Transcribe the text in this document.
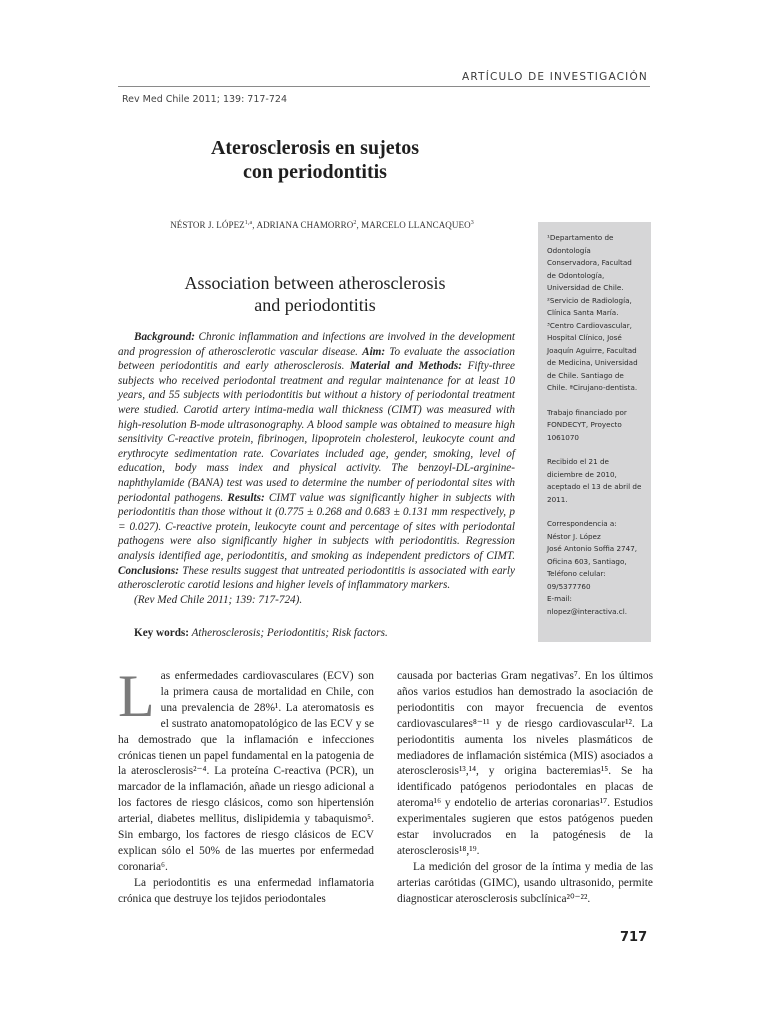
ARTÍCULO DE INVESTIGACIÓN
Rev Med Chile 2011; 139: 717-724
Aterosclerosis en sujetos
con periodontitis
NÉSTOR J. LÓPEZ$^{1,a}$, ADRIANA CHAMORRO$^2$, MARCELO LLANCAQUEO$^3$
Association between atherosclerosis
and periodontitis

Background: Chronic inflammation and infections are involved in the development and progression of atherosclerotic vascular disease. Aim: To evaluate the association between periodontitis and early atherosclerosis. Material and Methods: Fifty-three subjects who received periodontal treatment and regular maintenance for at least 10 years, and 55 subjects with periodontitis but without a history of periodontal treatment were studied. Carotid artery intima-media wall thickness (CIMT) was measured with high-resolution B-mode ultrasonography. A blood sample was obtained to measure high sensitivity C-reactive protein, fibrinogen, lipoprotein cholesterol, leukocyte count and erythrocyte sedimentation rate. Covariates included age, gender, smoking, level of education, body mass index and physical activity. The benzoyl-DL-arginine-naphthylamide (BANA) test was used to determine the number of periodontal sites with periodontal pathogens. Results: CIMT value was significantly higher in subjects with periodontitis than those without it (0.775 ± 0.268 and 0.683 ± 0.131 mm respectively, p = 0.027). C-reactive protein, leukocyte count and percentage of sites with periodontal pathogens were also significantly higher in subjects with periodontitis. Regression analysis identified age, periodontitis, and smoking as independent predictors of CIMT. Conclusions: These results suggest that untreated periodontitis is associated with early atherosclerotic carotid lesions and higher levels of inflammatory markers.

(Rev Med Chile 2011; 139: 717-724).

Key words: Atherosclerosis; Periodontitis; Risk factors.

¹Departamento de Odontología Conservadora, Facultad de Odontología, Universidad de Chile. ²Servicio de Radiología, Clínica Santa María. ³Centro Cardiovascular, Hospital Clínico, José Joaquín Aguirre, Facultad de Medicina, Universidad de Chile. Santiago de Chile. ªCirujano-dentista.

Trabajo financiado por FONDECYT, Proyecto 1061070

Recibido el 21 de diciembre de 2010, aceptado el 13 de abril de 2011.

Correspondencia a:

Néstor J. López

José Antonio Soffia 2747, Oficina 603, Santiago,

Teléfono celular:

09/5377760

E-mail: nlopez@interactiva.cl.

Las enfermedades cardiovasculares (ECV) son la primera causa de mortalidad en Chile, con una prevalencia de 28%¹. La ateromatosis es el sustrato anatomopatológico de las ECV y se ha demostrado que la inflamación e infecciones crónicas tienen un papel fundamental en la patogenia de la aterosclerosis²⁻⁴. La proteína C-reactiva (PCR), un marcador de la inflamación, añade un riesgo adicional a los factores de riesgo clásicos, como son hipertensión arterial, diabetes mellitus, dislipidemia y tabaquismo⁵. Sin embargo, los factores de riesgo clásicos de ECV explican sólo el 50% de las muertes por enfermedad coronaria⁶.

La periodontitis es una enfermedad inflamatoria crónica que destruye los tejidos periodontales

causada por bacterias Gram negativas⁷. En los últimos años varios estudios han demostrado la asociación de periodontitis con mayor frecuencia de eventos cardiovasculares⁸⁻¹¹ y de riesgo cardiovascular¹². La periodontitis aumenta los niveles plasmáticos de mediadores de inflamación sistémica (MIS) asociados a aterosclerosis¹³,¹⁴, y origina bacteremias¹⁵. Se ha identificado patógenos periodontales en placas de ateroma¹⁶ y endotelio de arterias coronarias¹⁷. Estudios experimentales sugieren que estos patógenos pueden estar involucrados en la patogénesis de la aterosclerosis¹⁸,¹⁹.

La medición del grosor de la íntima y media de las arterias carótidas (GIMC), usando ultrasonido, permite diagnosticar aterosclerosis subclínica²⁰⁻²².

717
